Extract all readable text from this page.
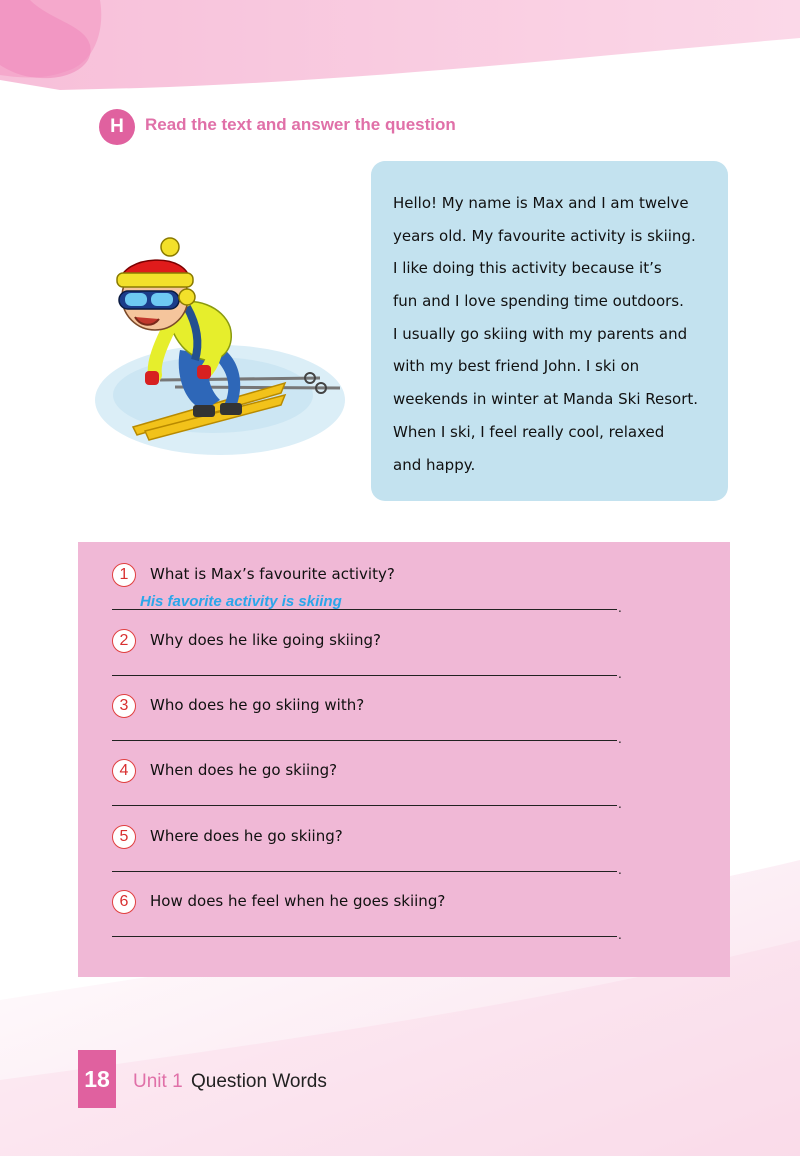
H	Read the text and answer the question
Hello! My name is Max and I am twelve
years old. My favourite activity is skiing.
I like doing this activity because it’s
fun and I love spending time outdoors.
I usually go skiing with my parents and
with my best friend John. I ski on
weekends in winter at Manda Ski Resort.
When I ski, I feel really cool, relaxed
and happy.
1	What is Max’s favourite activity?
His favorite activity is skiing	.
2	Why does he like going skiing?
.
3	Who does he go skiing with?
.
4	When does he go skiing?
.
5	Where does he go skiing?
.
6	How does he feel when he goes skiing?
.
18 Unit 1 Question Words
